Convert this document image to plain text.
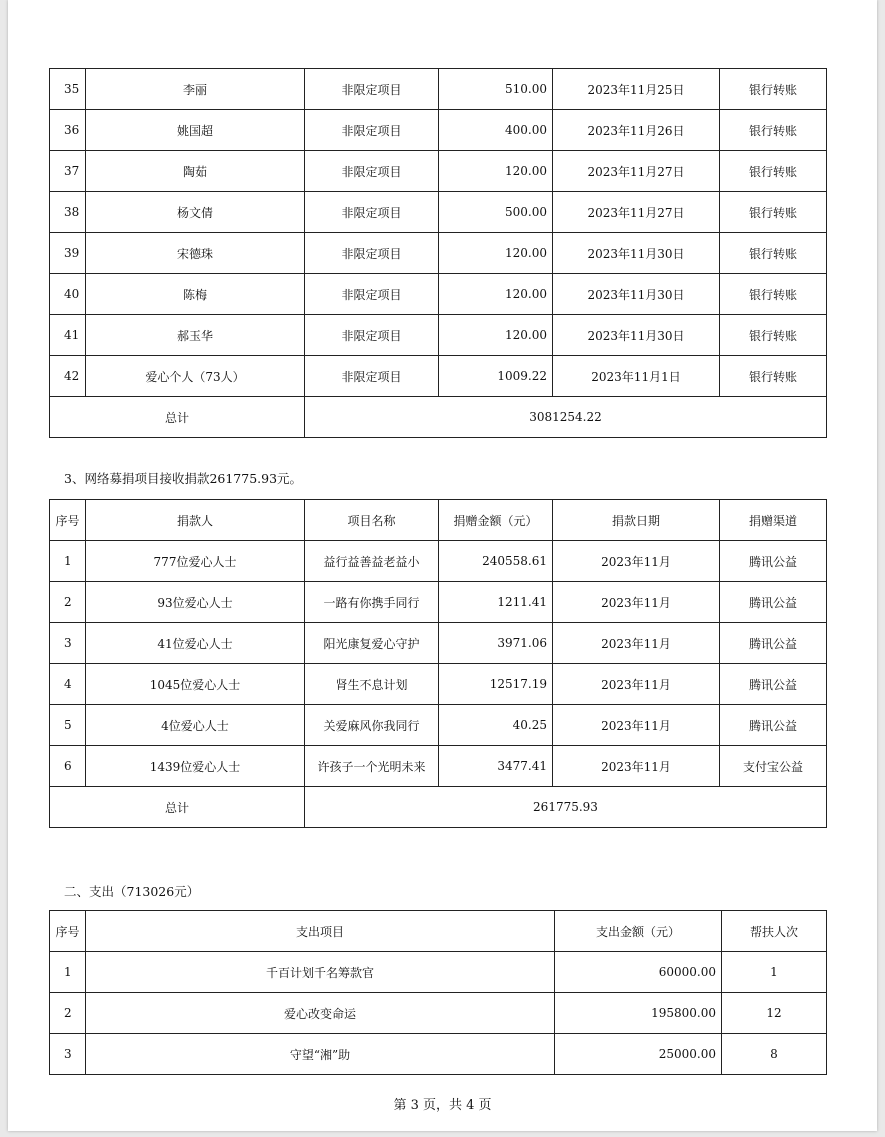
35	李丽	非限定项目	510.00	2023年11月25日	银行转账
36	姚国超	非限定项目	400.00	2023年11月26日	银行转账
37	陶茹	非限定项目	120.00	2023年11月27日	银行转账
38	杨文倩	非限定项目	500.00	2023年11月27日	银行转账
39	宋德珠	非限定项目	120.00	2023年11月30日	银行转账
40	陈梅	非限定项目	120.00	2023年11月30日	银行转账
41	郝玉华	非限定项目	120.00	2023年11月30日	银行转账
42	爱心个人（73人）	非限定项目	1009.22	2023年11月1日	银行转账
总计		3081254.22			
3、网络募捐项目接收捐款261775.93元。
序号	捐款人	项目名称	捐赠金额（元）	捐款日期	捐赠渠道
1	777位爱心人士	益行益善益老益小	240558.61	2023年11月	腾讯公益
2	93位爱心人士	一路有你携手同行	1211.41	2023年11月	腾讯公益
3	41位爱心人士	阳光康复爱心守护	3971.06	2023年11月	腾讯公益
4	1045位爱心人士	肾生不息计划	12517.19	2023年11月	腾讯公益
5	4位爱心人士	关爱麻风你我同行	40.25	2023年11月	腾讯公益
6	1439位爱心人士	许孩子一个光明未来	3477.41	2023年11月	支付宝公益
总计		261775.93			
二、支出（713026元）
序号	支出项目	支出金额（元）	帮扶人次
1	千百计划千名筹款官	60000.00	1
2	爱心改变命运	195800.00	12
3	守望“湘”助	25000.00	8
第 3 页，共 4 页
